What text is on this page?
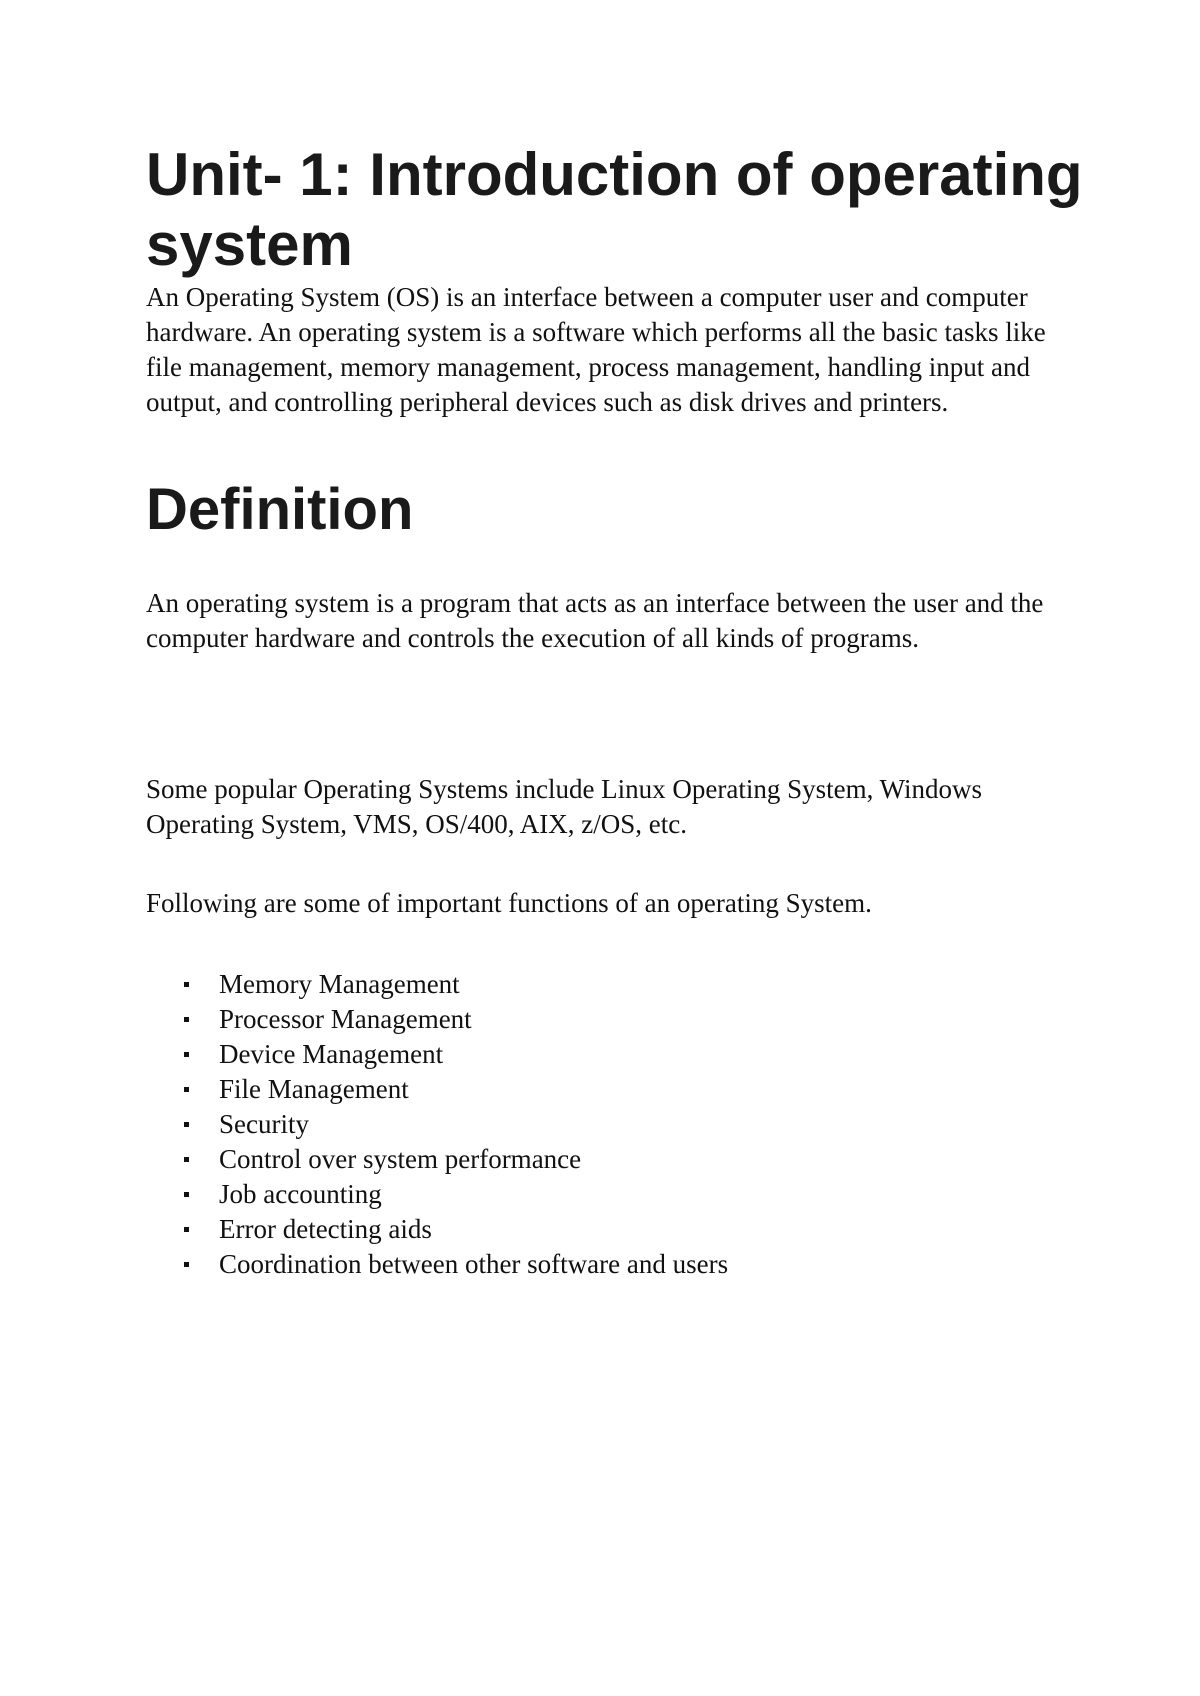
Unit- 1: Introduction of operating system

An Operating System (OS) is an interface between a computer user and computer hardware. An operating system is a software which performs all the basic tasks like file management, memory management, process management, handling input and output, and controlling peripheral devices such as disk drives and printers.

Definition

An operating system is a program that acts as an interface between the user and the computer hardware and controls the execution of all kinds of programs.

Some popular Operating Systems include Linux Operating System, Windows Operating System, VMS, OS/400, AIX, z/OS, etc.

Following are some of important functions of an operating System.

Memory Management
Processor Management
Device Management
File Management
Security
Control over system performance
Job accounting
Error detecting aids
Coordination between other software and users
